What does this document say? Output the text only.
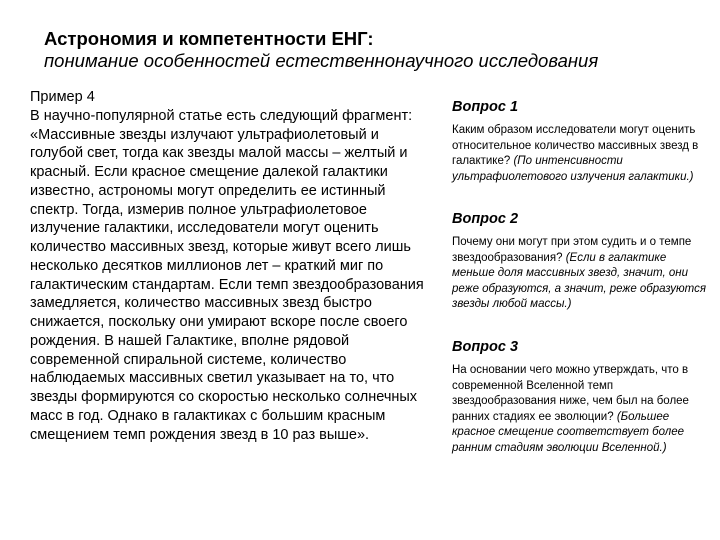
Астрономия и компетентности ЕНГ:
понимание особенностей естественнонаучного исследования

Пример 4

В научно-популярной статье есть следующий фрагмент:

«Массивные звезды излучают ультрафиолетовый и голубой свет, тогда как звезды малой массы – желтый и красный. Если красное смещение далекой галактики известно, астрономы могут определить ее истинный спектр. Тогда, измерив полное ультрафиолетовое излучение галактики, исследователи могут оценить количество массивных звезд, которые живут всего лишь несколько десятков миллионов лет – краткий миг по галактическим стандартам. Если темп звездообразования замедляется, количество массивных звезд быстро снижается, поскольку они умирают вскоре после своего рождения. В нашей Галактике, вполне рядовой современной спиральной системе, количество наблюдаемых массивных светил указывает на то, что звезды формируются со скоростью несколько солнечных масс в год. Однако в галактиках с большим красным смещением темп рождения звезд в 10 раз выше».

Вопрос 1
Каким образом исследователи могут оценить относительное количество массивных звезд в галактике? (По интенсивности ультрафиолетового излучения галактики.)
Вопрос 2
Почему они могут при этом судить и о темпе звездообразования? (Если в галактике меньше доля массивных звезд, значит, они реже образуются, а значит, реже образуются звезды любой массы.)
Вопрос 3
На основании чего можно утверждать, что в современной Вселенной темп звездообразования ниже, чем был на более ранних стадиях ее эволюции? (Большее красное смещение соответствует более ранним стадиям эволюции Вселенной.)
